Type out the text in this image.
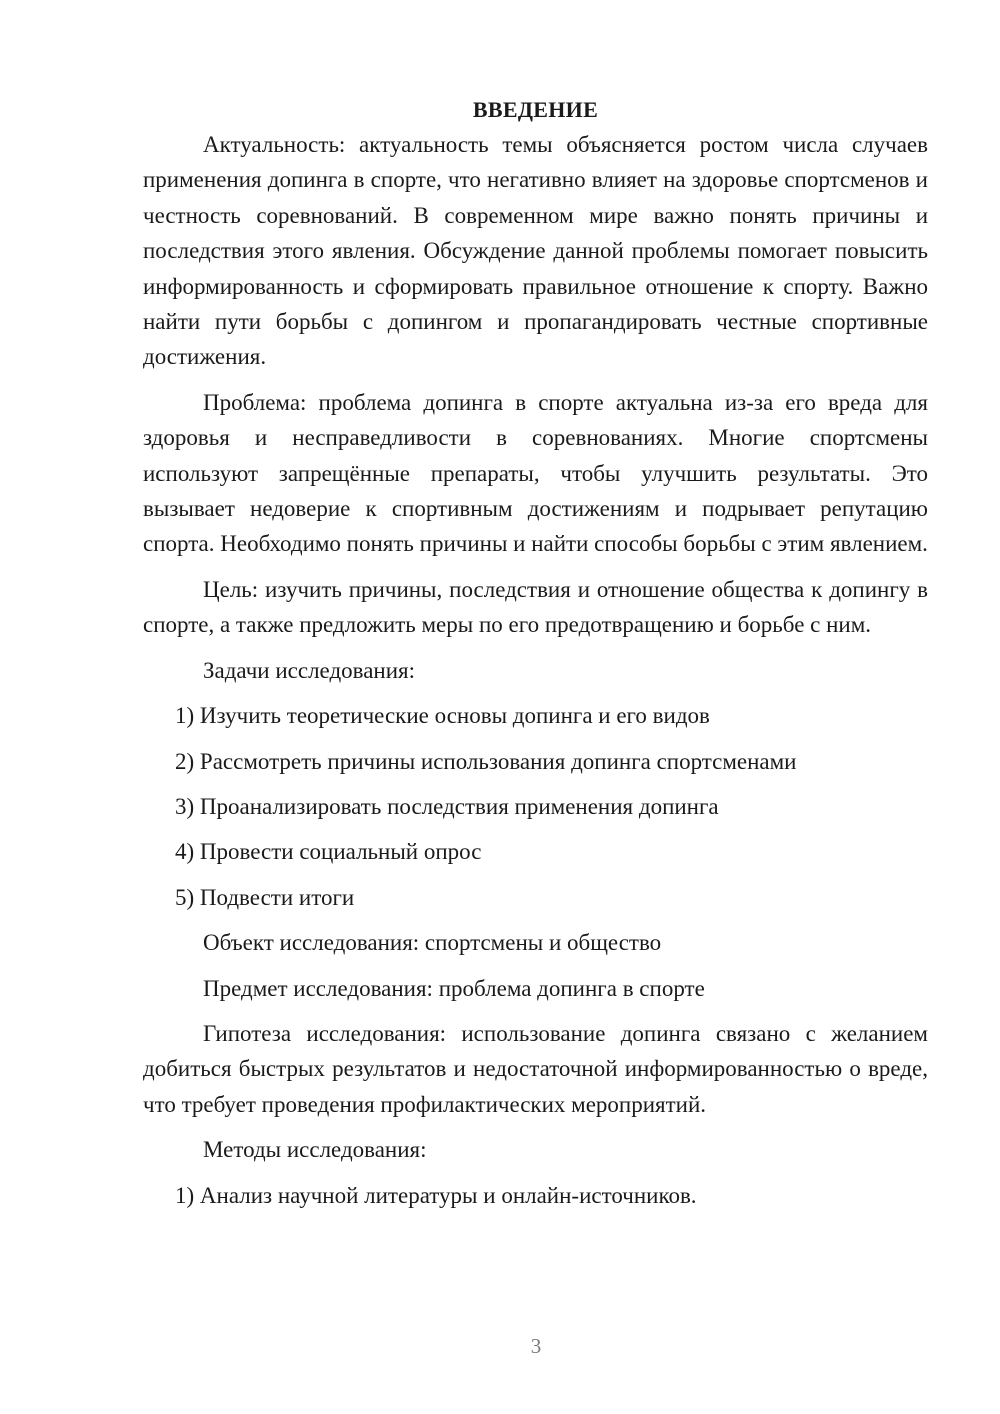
ВВЕДЕНИЕ

Актуальность: актуальность темы объясняется ростом числа случаев применения допинга в спорте, что негативно влияет на здоровье спортсменов и честность соревнований. В современном мире важно понять причины и последствия этого явления. Обсуждение данной проблемы помогает повысить информированность и сформировать правильное отношение к спорту. Важно найти пути борьбы с допингом и пропагандировать честные спортивные достижения.

Проблема: проблема допинга в спорте актуальна из-за его вреда для здоровья и несправедливости в соревнованиях. Многие спортсмены используют запрещённые препараты, чтобы улучшить результаты. Это вызывает недоверие к спортивным достижениям и подрывает репутацию спорта. Необходимо понять причины и найти способы борьбы с этим явлением.

Цель: изучить причины, последствия и отношение общества к допингу в спорте, а также предложить меры по его предотвращению и борьбе с ним.

Задачи исследования:
1) Изучить теоретические основы допинга и его видов
2) Рассмотреть причины использования допинга спортсменами
3) Проанализировать последствия применения допинга
4) Провести социальный опрос
5) Подвести итоги
Объект исследования: спортсмены и общество
Предмет исследования: проблема допинга в спорте

Гипотеза исследования: использование допинга связано с желанием добиться быстрых результатов и недостаточной информированностью о вреде, что требует проведения профилактических мероприятий.

Методы исследования:
1) Анализ научной литературы и онлайн-источников.
3
